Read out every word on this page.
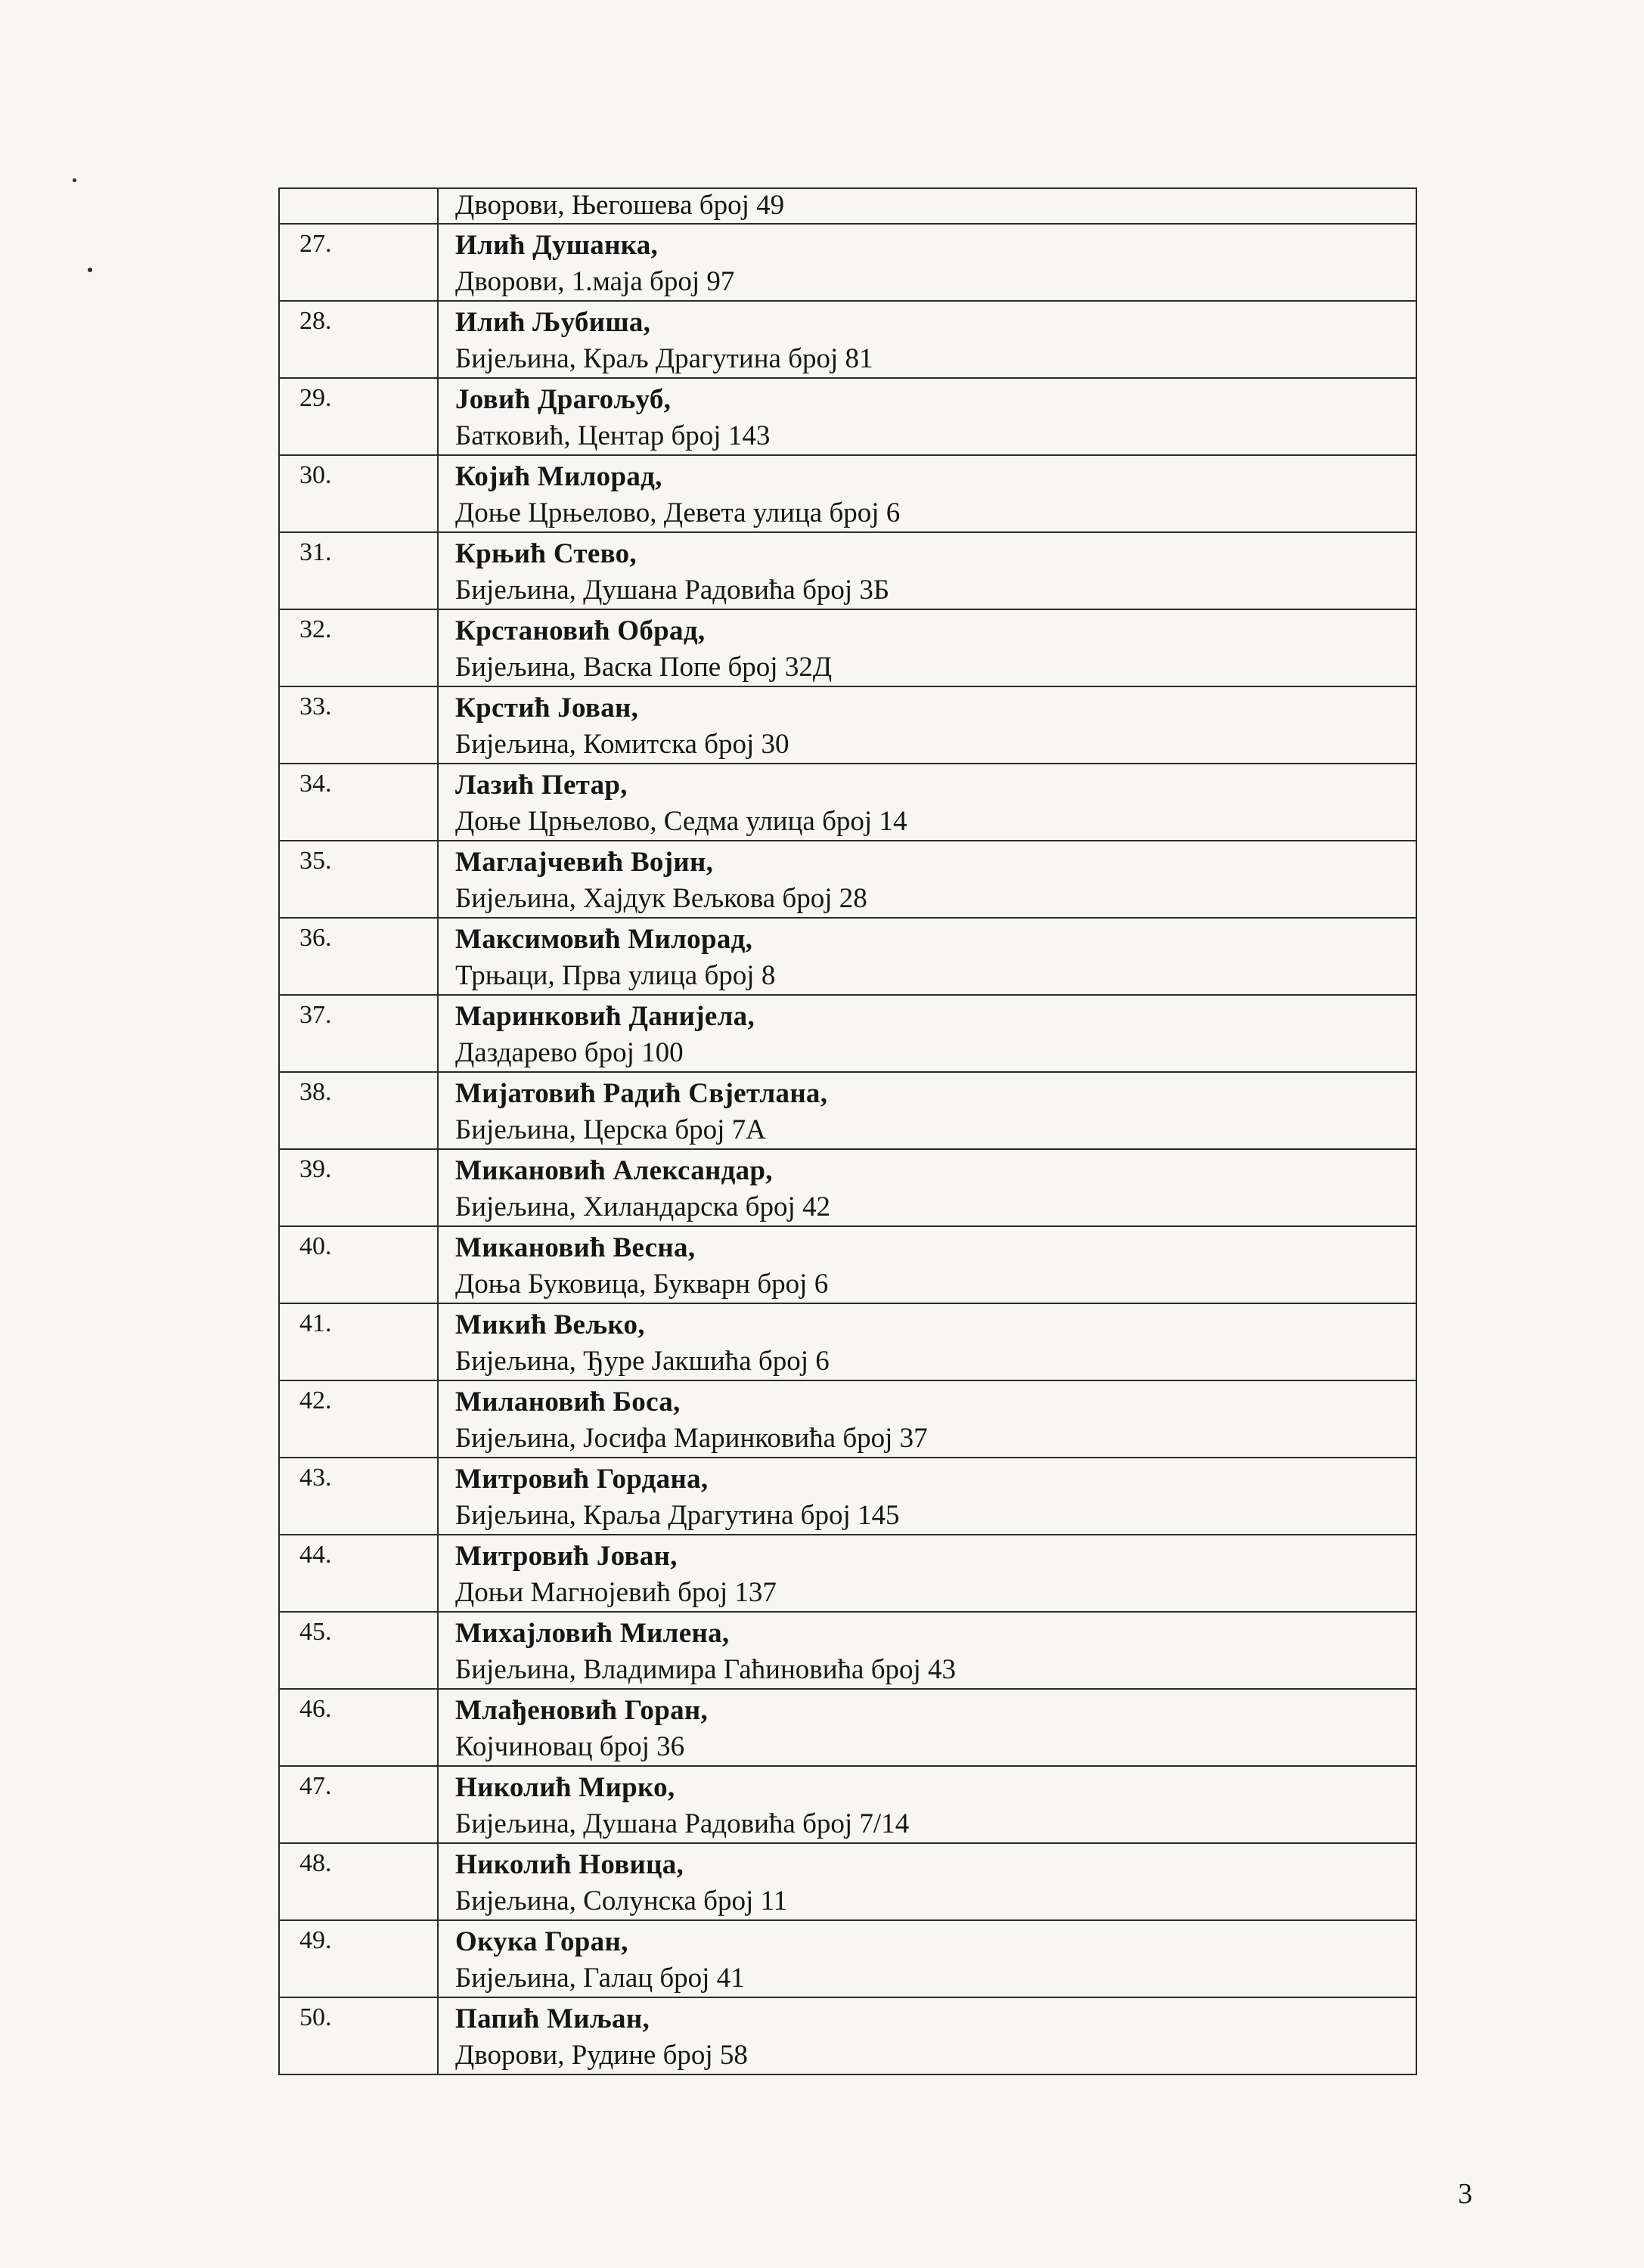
	Дворови, Његошева број 49

27.	Илић Душанка,
Дворови, 1.маја број 97

28.	Илић Љубиша,
Бијељина, Краљ Драгутина број 81

29.	Јовић Драгољуб,
Батковић, Центар број 143

30.	Којић Милорад,
Доње Црњелово, Девета улица број 6

31.	Крњић Стево,
Бијељина, Душана Радовића број 3Б

32.	Крстановић Обрад,
Бијељина, Васка Попе број 32Д

33.	Крстић Јован,
Бијељина, Комитска број 30

34.	Лазић Петар,
Доње Црњелово, Седма улица број 14

35.	Маглајчевић Војин,
Бијељина, Хајдук Вељкова број 28

36.	Максимовић Милорад,
Трњаци, Прва улица број 8

37.	Маринковић Данијела,
Даздарево број 100

38.	Мијатовић Радић Свјетлана,
Бијељина, Церска број 7А

39.	Микановић Александар,
Бијељина, Хиландарска број 42

40.	Микановић Весна,
Доња Буковица, Букварн број 6

41.	Микић Вељко,
Бијељина, Ђуре Јакшића број 6

42.	Милановић Боса,
Бијељина, Јосифа Маринковића број 37

43.	Митровић Гордана,
Бијељина, Краља Драгутина број 145

44.	Митровић Јован,
Доњи Магнојевић број 137

45.	Михајловић Милена,
Бијељина, Владимира Гаћиновића број 43

46.	Млађеновић Горан,
Којчиновац број 36

47.	Николић Мирко,
Бијељина, Душана Радовића број 7/14

48.	Николић Новица,
Бијељина, Солунска број 11

49.	Окука Горан,
Бијељина, Галац број 41

50.	Папић Миљан,
Дворови, Рудине број 58
3
